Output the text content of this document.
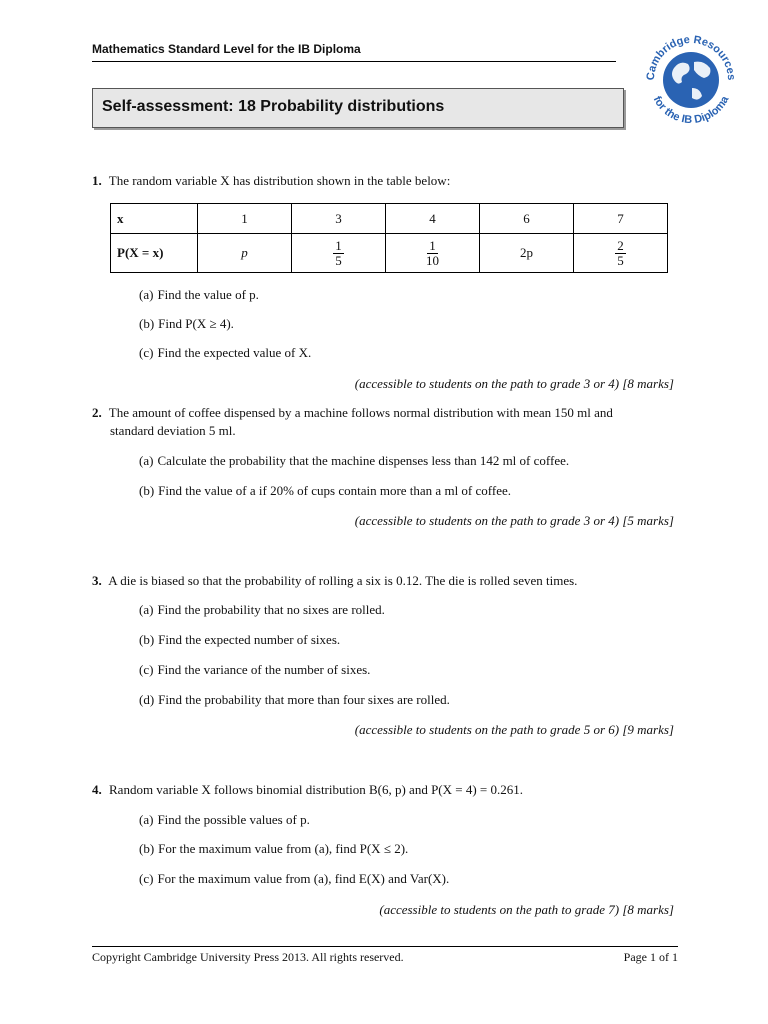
Mathematics Standard Level for the IB Diploma
Cambridge Resources
for the IB Diploma
Self-assessment: 18 Probability distributions
1. The random variable X has distribution shown in the table below:
x	1	3	4	6	7
P(X = x)	p	$\frac{1}{5}$	$\frac{1}{10}$	2p	$\frac{2}{5}$
(a) Find the value of p.
(b) Find P(X ≥ 4).
(c) Find the expected value of X.
(accessible to students on the path to grade 3 or 4) [8 marks]
2. The amount of coffee dispensed by a machine follows normal distribution with mean 150 ml and
standard deviation 5 ml.
(a) Calculate the probability that the machine dispenses less than 142 ml of coffee.
(b) Find the value of a if 20% of cups contain more than a ml of coffee.
(accessible to students on the path to grade 3 or 4) [5 marks]
3. A die is biased so that the probability of rolling a six is 0.12. The die is rolled seven times.
(a) Find the probability that no sixes are rolled.
(b) Find the expected number of sixes.
(c) Find the variance of the number of sixes.
(d) Find the probability that more than four sixes are rolled.
(accessible to students on the path to grade 5 or 6) [9 marks]
4. Random variable X follows binomial distribution B(6, p) and P(X = 4) = 0.261.
(a) Find the possible values of p.
(b) For the maximum value from (a), find P(X ≤ 2).
(c) For the maximum value from (a), find E(X) and Var(X).
(accessible to students on the path to grade 7) [8 marks]
Copyright Cambridge University Press 2013. All rights reserved.	Page 1 of 1
